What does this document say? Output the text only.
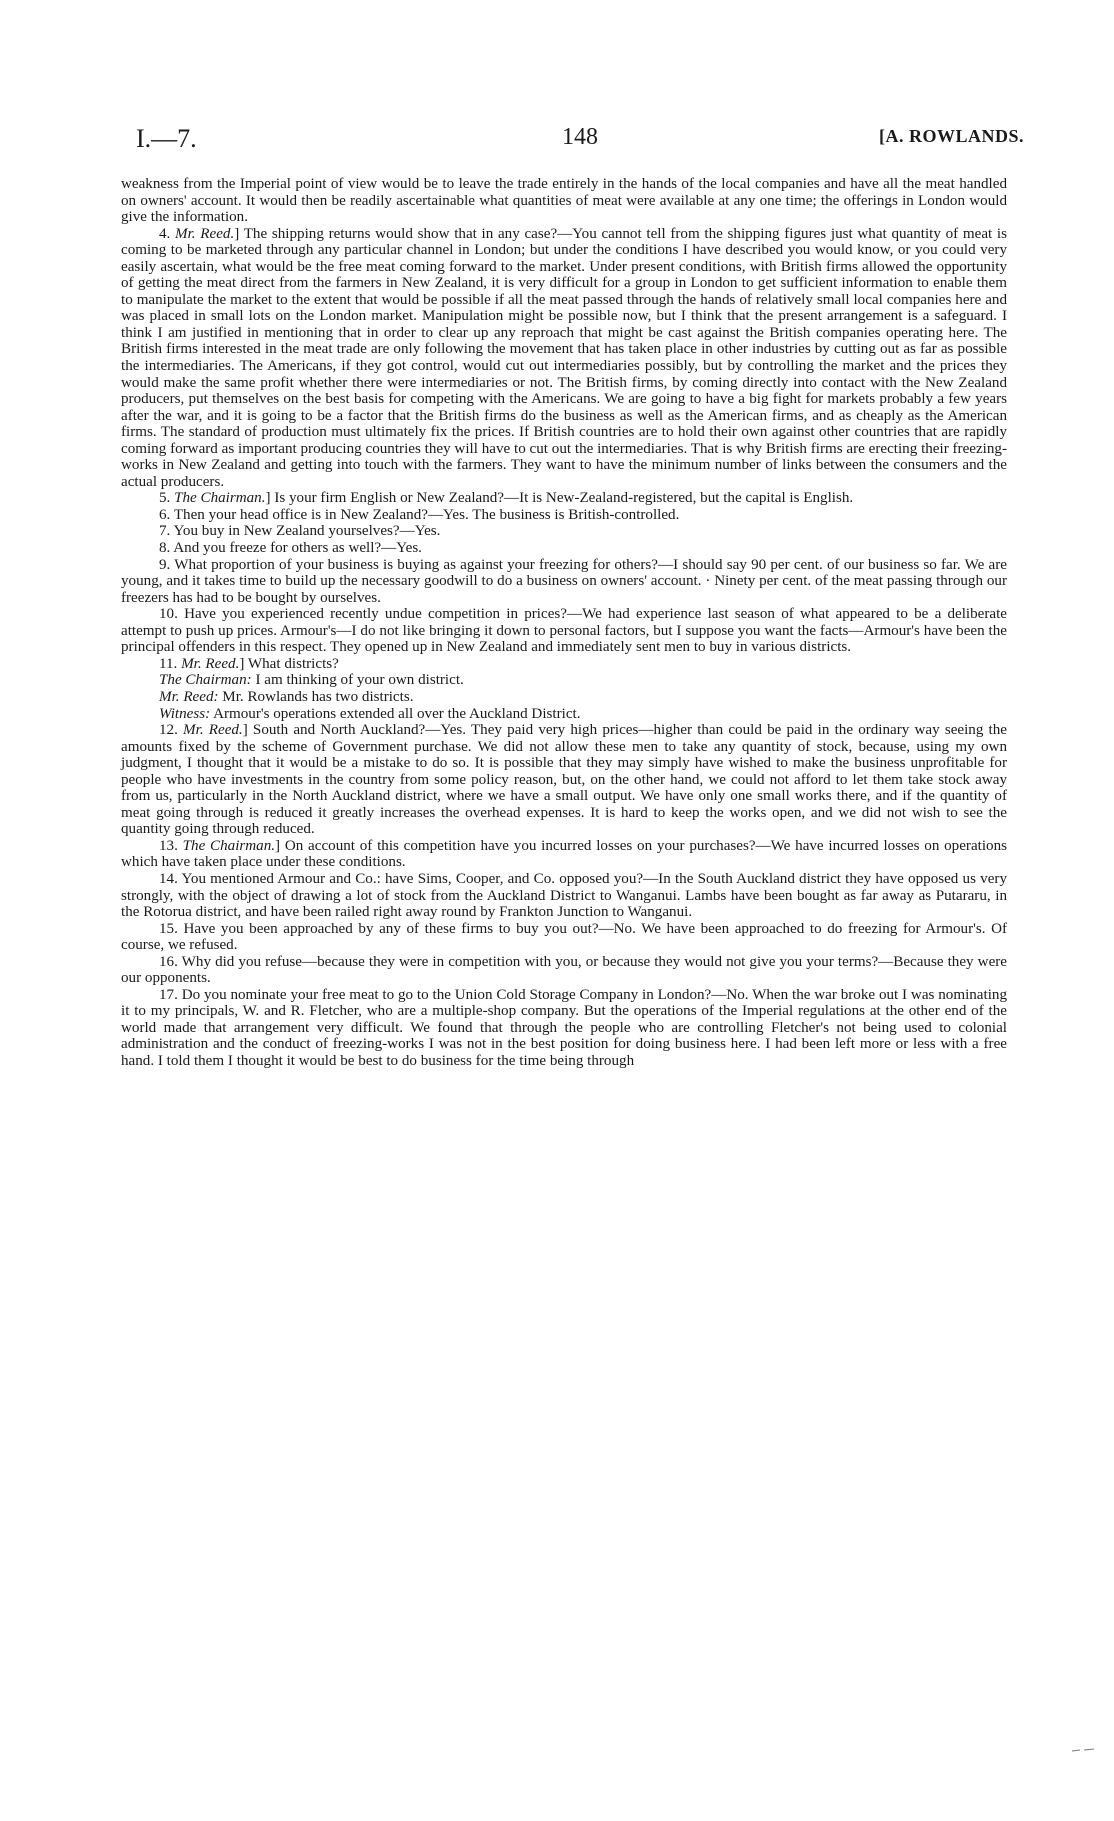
I.—7.	148	[A. ROWLANDS.

weakness from the Imperial point of view would be to leave the trade entirely in the hands of the local companies and have all the meat handled on owners' account. It would then be readily ascertainable what quantities of meat were available at any one time; the offerings in London would give the information.

4. Mr. Reed.] The shipping returns would show that in any case?—You cannot tell from the shipping figures just what quantity of meat is coming to be marketed through any particular channel in London; but under the conditions I have described you would know, or you could very easily ascertain, what would be the free meat coming forward to the market. Under present conditions, with British firms allowed the opportunity of getting the meat direct from the farmers in New Zealand, it is very difficult for a group in London to get sufficient information to enable them to manipulate the market to the extent that would be possible if all the meat passed through the hands of relatively small local companies here and was placed in small lots on the London market. Manipulation might be possible now, but I think that the present arrangement is a safeguard. I think I am justified in mentioning that in order to clear up any reproach that might be cast against the British companies operating here. The British firms interested in the meat trade are only following the movement that has taken place in other industries by cutting out as far as possible the intermediaries. The Americans, if they got control, would cut out intermediaries possibly, but by controlling the market and the prices they would make the same profit whether there were intermediaries or not. The British firms, by coming directly into contact with the New Zealand producers, put themselves on the best basis for competing with the Americans. We are going to have a big fight for markets probably a few years after the war, and it is going to be a factor that the British firms do the business as well as the American firms, and as cheaply as the American firms. The standard of production must ultimately fix the prices. If British countries are to hold their own against other countries that are rapidly coming forward as important producing countries they will have to cut out the intermediaries. That is why British firms are erecting their freezing-works in New Zealand and getting into touch with the farmers. They want to have the minimum number of links between the consumers and the actual producers.

5. The Chairman.] Is your firm English or New Zealand?—It is New-Zealand-registered, but the capital is English.

6. Then your head office is in New Zealand?—Yes. The business is British-controlled.

7. You buy in New Zealand yourselves?—Yes.

8. And you freeze for others as well?—Yes.

9. What proportion of your business is buying as against your freezing for others?—I should say 90 per cent. of our business so far. We are young, and it takes time to build up the necessary goodwill to do a business on owners' account. · Ninety per cent. of the meat passing through our freezers has had to be bought by ourselves.

10. Have you experienced recently undue competition in prices?—We had experience last season of what appeared to be a deliberate attempt to push up prices. Armour's—I do not like bringing it down to personal factors, but I suppose you want the facts—Armour's have been the principal offenders in this respect. They opened up in New Zealand and immediately sent men to buy in various districts.

11. Mr. Reed.] What districts?

The Chairman: I am thinking of your own district.

Mr. Reed: Mr. Rowlands has two districts.

Witness: Armour's operations extended all over the Auckland District.

12. Mr. Reed.] South and North Auckland?—Yes. They paid very high prices—higher than could be paid in the ordinary way seeing the amounts fixed by the scheme of Government purchase. We did not allow these men to take any quantity of stock, because, using my own judgment, I thought that it would be a mistake to do so. It is possible that they may simply have wished to make the business unprofitable for people who have investments in the country from some policy reason, but, on the other hand, we could not afford to let them take stock away from us, particularly in the North Auckland district, where we have a small output. We have only one small works there, and if the quantity of meat going through is reduced it greatly increases the overhead expenses. It is hard to keep the works open, and we did not wish to see the quantity going through reduced.

13. The Chairman.] On account of this competition have you incurred losses on your purchases?—We have incurred losses on operations which have taken place under these conditions.

14. You mentioned Armour and Co.: have Sims, Cooper, and Co. opposed you?—In the South Auckland district they have opposed us very strongly, with the object of drawing a lot of stock from the Auckland District to Wanganui. Lambs have been bought as far away as Putararu, in the Rotorua district, and have been railed right away round by Frankton Junction to Wanganui.

15. Have you been approached by any of these firms to buy you out?—No. We have been approached to do freezing for Armour's. Of course, we refused.

16. Why did you refuse—because they were in competition with you, or because they would not give you your terms?—Because they were our opponents.

17. Do you nominate your free meat to go to the Union Cold Storage Company in London?—No. When the war broke out I was nominating it to my principals, W. and R. Fletcher, who are a multiple-shop company. But the operations of the Imperial regulations at the other end of the world made that arrangement very difficult. We found that through the people who are controlling Fletcher's not being used to colonial administration and the conduct of freezing-works I was not in the best position for doing business here. I had been left more or less with a free hand. I told them I thought it would be best to do business for the time being through
